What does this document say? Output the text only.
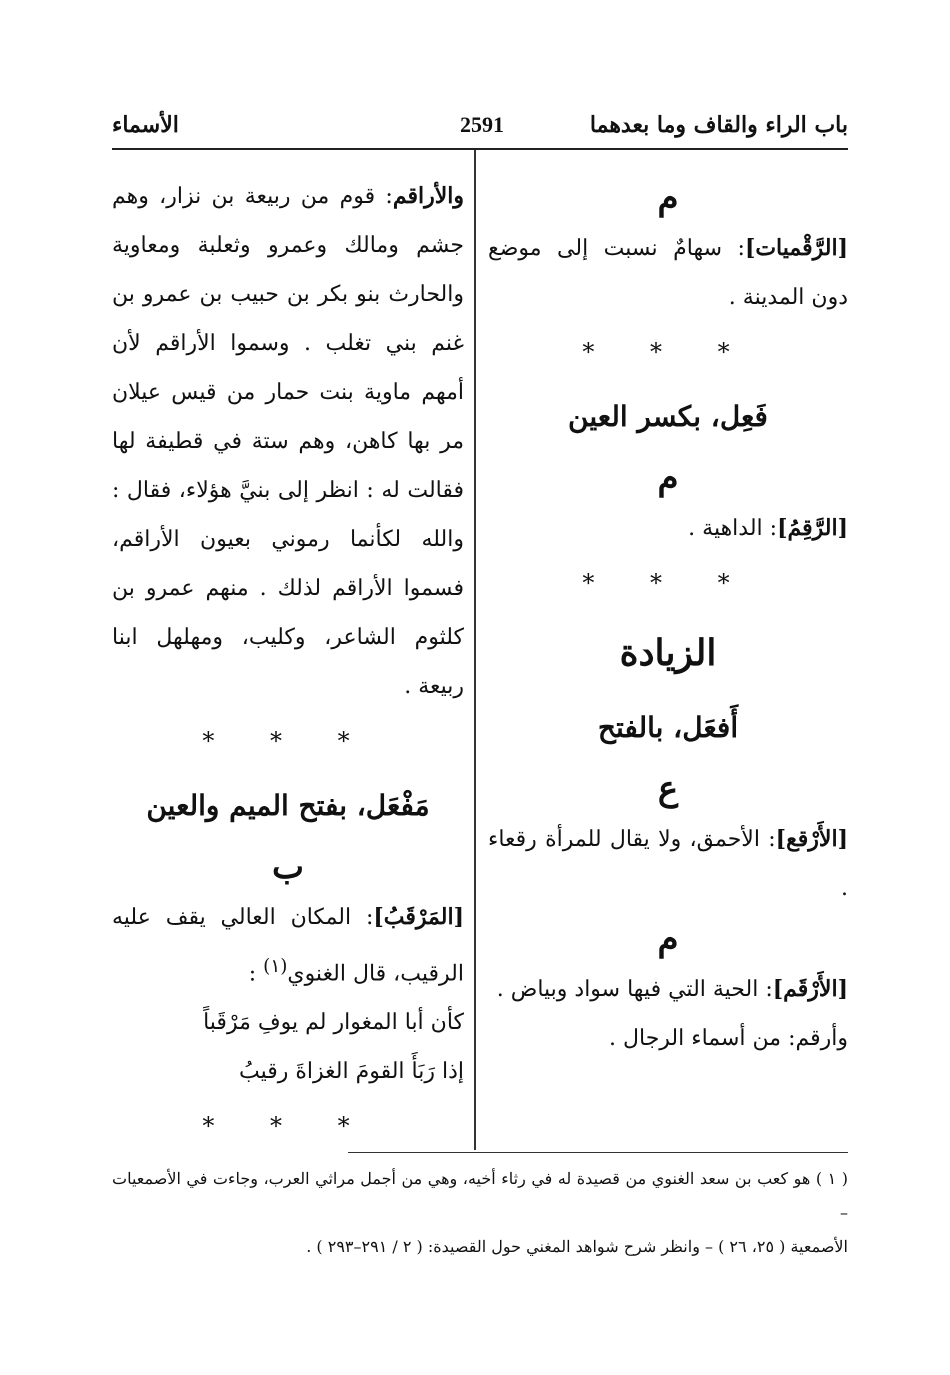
باب الراء والقاف وما بعدهما
2591
الأسماء

م

[الرَّقْميات]: سهامٌ نسبت إلى موضع دون المدينة .

* * *

فَعِل، بكسر العين

م

[الرَّقِمُ]: الداهية .

* * *

الزيادة

أَفعَل، بالفتح

ع

[الأَرْقع]: الأحمق، ولا يقال للمرأة رقعاء .

م

[الأَرْقَم]: الحية التي فيها سواد وبياض .

وأرقم: من أسماء الرجال .

والأراقم: قوم من ربيعة بن نزار، وهم جشم ومالك وعمرو وثعلبة ومعاوية والحارث بنو بكر بن حبيب بن عمرو بن غنم بني تغلب . وسموا الأراقم لأن أمهم ماوية بنت حمار من قيس عيلان مر بها كاهن، وهم ستة في قطيفة لها فقالت له : انظر إلى بنيَّ هؤلاء، فقال : والله لكأنما رموني بعيون الأراقم، فسموا الأراقم لذلك . منهم عمرو بن كلثوم الشاعر، وكليب، ومهلهل ابنا ربيعة .

* * *

مَفْعَل، بفتح الميم والعين

ب

[المَرْقَبُ]: المكان العالي يقف عليه الرقيب، قال الغنوي$^{(١)}$ :

كأن أبا المغوار لم يوفِ مَرْقَباً

إذا رَبَأَ القومَ الغزاةَ رقيبُ

* * *

( ١ ) هو كعب بن سعد الغنوي من قصيدة له في رثاء أخيه، وهي من أجمل مراثي العرب، وجاءت في الأصمعيات –

الأصمعية ( ٢٥، ٢٦ ) – وانظر شرح شواهد المغني حول القصيدة: ( ٢ / ٢٩١–٢٩٣ ) .
